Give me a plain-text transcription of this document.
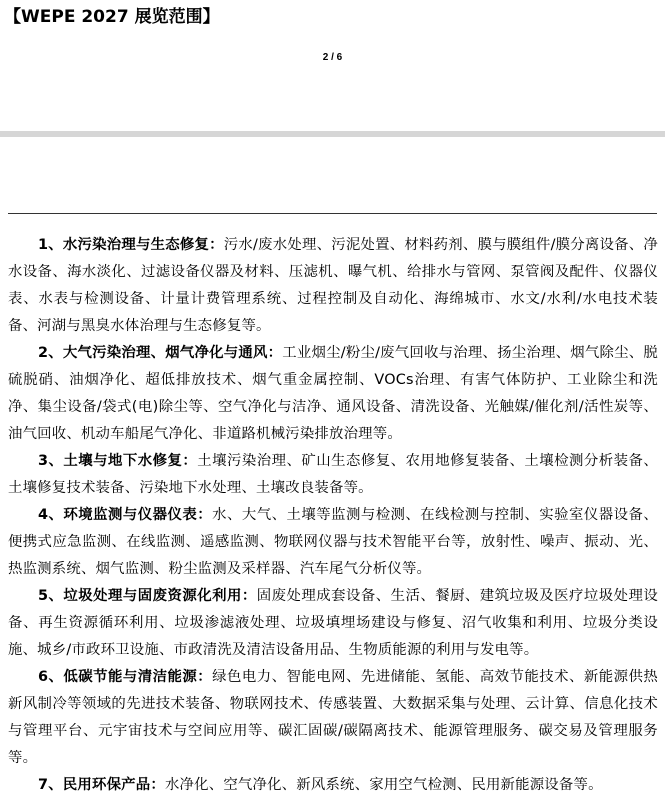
【WEPE 2027 展览范围】
2 / 6

1、水污染治理与生态修复：污水/废水处理、污泥处置、材料药剂、膜与膜组件/膜分离设备、净水设备、海水淡化、过滤设备仪器及材料、压滤机、曝气机、给排水与管网、泵管阀及配件、仪器仪表、水表与检测设备、计量计费管理系统、过程控制及自动化、海绵城市、水文/水利/水电技术装备、河湖与黑臭水体治理与生态修复等。

2、大气污染治理、烟气净化与通风：工业烟尘/粉尘/废气回收与治理、扬尘治理、烟气除尘、脱硫脱硝、油烟净化、超低排放技术、烟气重金属控制、VOCs治理、有害气体防护、工业除尘和洗净、集尘设备/袋式(电)除尘等、空气净化与洁净、通风设备、清洗设备、光触媒/催化剂/活性炭等、油气回收、机动车船尾气净化、非道路机械污染排放治理等。

3、土壤与地下水修复：土壤污染治理、矿山生态修复、农用地修复装备、土壤检测分析装备、土壤修复技术装备、污染地下水处理、土壤改良装备等。

4、环境监测与仪器仪表：水、大气、土壤等监测与检测、在线检测与控制、实验室仪器设备、便携式应急监测、在线监测、遥感监测、物联网仪器与技术智能平台等，放射性、噪声、振动、光、热监测系统、烟气监测、粉尘监测及采样器、汽车尾气分析仪等。

5、垃圾处理与固废资源化利用：固废处理成套设备、生活、餐厨、建筑垃圾及医疗垃圾处理设备、再生资源循环利用、垃圾渗滤液处理、垃圾填埋场建设与修复、沼气收集和利用、垃圾分类设施、城乡/市政环卫设施、市政清洗及清洁设备用品、生物质能源的利用与发电等。

6、低碳节能与清洁能源：绿色电力、智能电网、先进储能、氢能、高效节能技术、新能源供热新风制冷等领域的先进技术装备、物联网技术、传感装置、大数据采集与处理、云计算、信息化技术与管理平台、元宇宙技术与空间应用等、碳汇固碳/碳隔离技术、能源管理服务、碳交易及管理服务等。

7、民用环保产品：水净化、空气净化、新风系统、家用空气检测、民用新能源设备等。
